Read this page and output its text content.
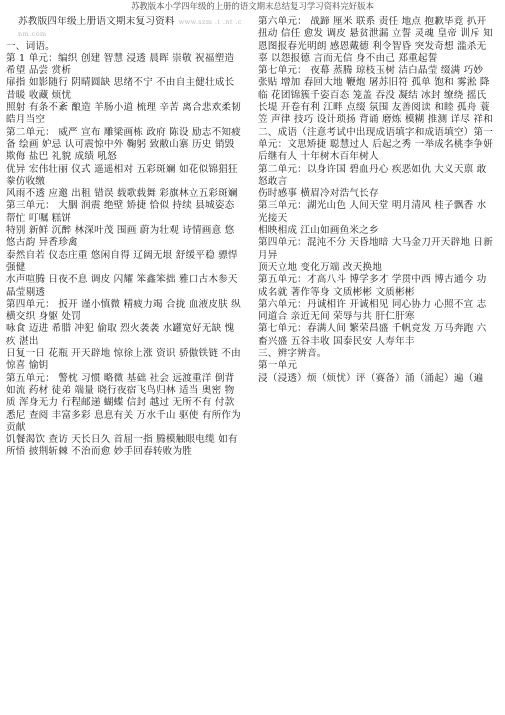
苏教版本小学四年级的上册的语文期末总结复习学习资料完好版本

苏教版四年级上册语文期末复习资料 www.szm .t .nt .cnm.com

一、词语。

第 1 单元：编织 创建 智慧 浸透 晨晖 崇敬 祝福塑造 希望 品尝 赏析

扉指 如影随行 阴晴圆缺 思绪不宁 不由自主健壮成长 昔暖 收藏 烦忧

照射 有条不紊 酿造 羊肠小道 梳理 辛苦 离合悲欢柔韧 皓月当空

第二单元： 威严 宣布 雕梁画栋 政府 陈设 励志不知疲备 绘画 妒忌 认可震惊中外 鞠躬 致敝山寨 历史 销毁 欺侮 盐巴 礼貌 成绩 吼怒

优异 宏伟壮丽 仪式 遥遥相对 五彩斑斓 如花似锦猖狂豢仿收缴

风雨不透 应邀 出租 错误 载歌载舞 彩旗林立五彩斑斓

第三单元： 大胭 润震 绝壁 矫捷 恰似 持续 县城姿态 帮忙 叮嘱 糕饼

特别 新鲜 沉醉 林深叶茂 围画 蔚为壮观 诗情画意 悠悠古韵 异香珍禽

泰然自若 仪态庄重 悠闲自得 辽阔无垠 舒缓平稳 骠悍强健

水声喧腾 日夜不息 调皮 闪耀 笨鑫笨拙 雅口古木参天 晶莹剔透

第四单元： 扳开 谨小慎微 精疲力竭 合拢 血液皮肤 纵横交织 身躯 处罚

咏食 迈进 希腊 冲犯 偷取 烈火袭袭 水罐宽好无缺 愧疚 湛出

日复一日 花瓶 开天辟地 惊徐上涨 资识 骄傲铁链 不由 惊喜 愉钥

第五单元： 警枕 习惯 略微 基础 社会 远渡重洋 倒背如流 药材 徒弟 端量 晓行夜宿飞鸟归林 适当 奥密 物质 浑身无力 行程邮递 蝴蝶 信封 越过 无所不有 付款 悉尼 查阅 丰富多彩 息息有关 万水千山 驱使 有所作为 贡献

饥餐渴饮 查访 天长日久 首屈一指 腾模触眼电缆 如有所悟 披荆斩棘 不治而愈 妙手回春转败为胜

第六单元： 战蹄 厘米 联系 责任 地点 抱歉毕竟 扒开 扭动 信任 愈发 调皮 悬贫泄漏 立誓 灵魂 皇帝 训斥 知恩图报春光明朗 感恩戴德 利令智昏 突发奇想 滥杀无辜 以怨报德 言而无信 身不由己 郑重起誓

第七单元： 夜幕 蒸腾 琼枝玉树 洁白晶莹 缀满 巧妙 张贴 增加 春回大地 鞭炮 屠苏旧符 孤单 饱和 雾淞 降临 花团锦簇千姿百态 笼盖 吞没 凝结 冰封 缭绕 摇氏 长堤 开卷有利 江畔 点缀 氛围 友善阅读 和睦 孤舟 蓑笠 声律 技巧 设计琐扬 背诵 磨炼 模糊 推测 详尽 祥和

二、成语（注意考试中出现成语填字和成语填空）第一单元：文思矫捷 聪慧过人 后起之秀 一举成名桃李争妍

后继有人 十年树木百年树人

第二单元：以身许国 碧血丹心 疾恶如仇 大义天禀 敢怒敢言

伤时感事 横眉冷对浩气长存

第三单元：湖光山色 人间天堂 明月清风 桂子飘香 水光接天

相映相成 江山如画鱼米之乡

第四单元：混沌不分 天昏地暗 大马金刀开天辟地 日新月异

顶天立地 变化万端 改天换地

第五单元：才高八斗 博学多才 学贯中西 博古通今 功成名就 著作等身 文质彬彬 文质彬彬

第六单元：丹诚相许 开诚相见 同心协力 心照不宣 志同道合 亲近无间 荣辱与共 肝仁肝寒

第七单元：春满人间 繁荣昌盛 千帆竞发 万马奔跑 六畜兴盛 五谷丰收 国泰民安 人寿年丰

三、辨字辨音。

第一单元

浸（浸透）烦（烦忧）评（赛备）涌（涌起）遍（遍
